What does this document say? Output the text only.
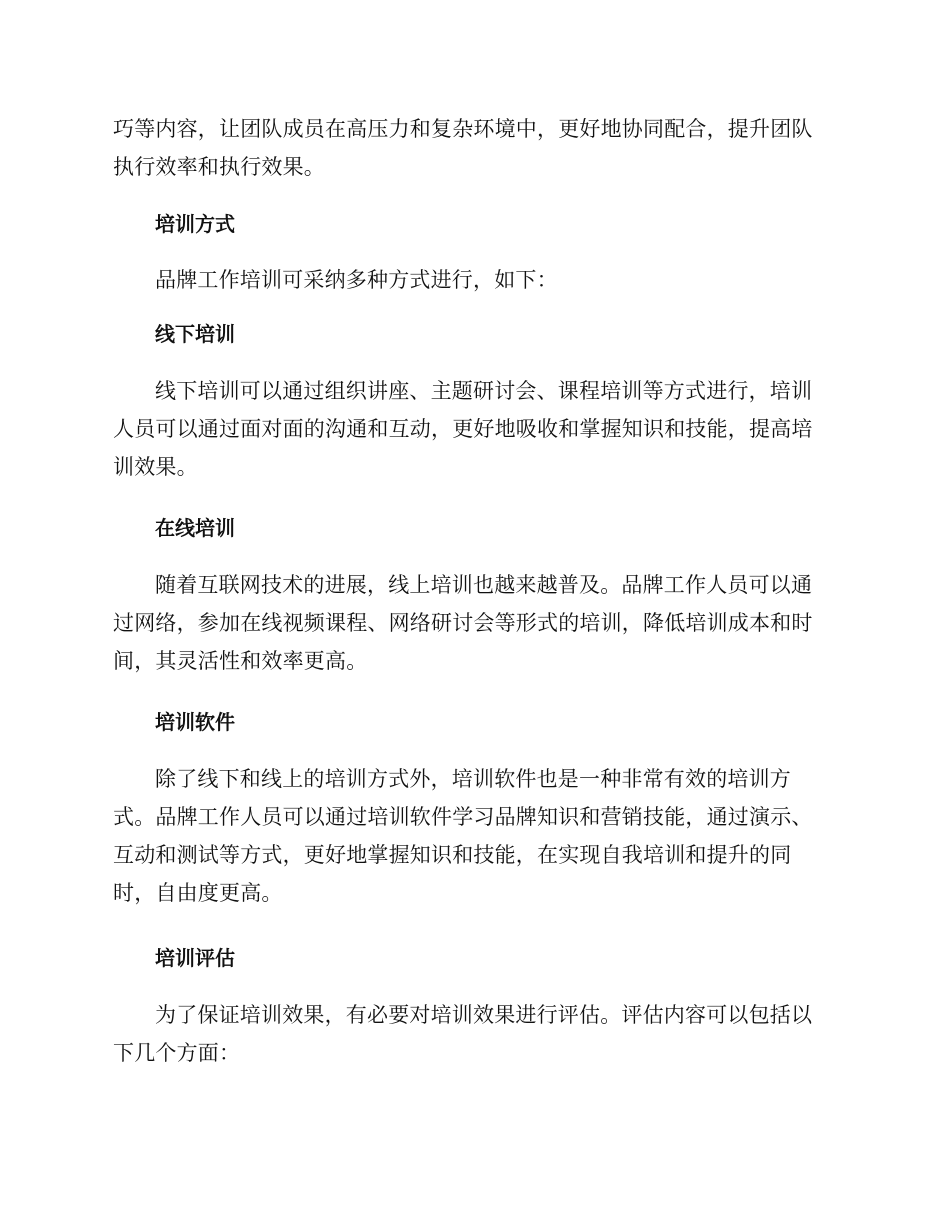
巧等内容，让团队成员在高压力和复杂环境中，更好地协同配合，提升团队执行效率和执行效果。

培训方式

品牌工作培训可采纳多种方式进行，如下：

线下培训

线下培训可以通过组织讲座、主题研讨会、课程培训等方式进行，培训人员可以通过面对面的沟通和互动，更好地吸收和掌握知识和技能，提高培训效果。

在线培训

随着互联网技术的进展，线上培训也越来越普及。品牌工作人员可以通过网络，参加在线视频课程、网络研讨会等形式的培训，降低培训成本和时间，其灵活性和效率更高。

培训软件

除了线下和线上的培训方式外，培训软件也是一种非常有效的培训方式。品牌工作人员可以通过培训软件学习品牌知识和营销技能，通过演示、互动和测试等方式，更好地掌握知识和技能，在实现自我培训和提升的同时，自由度更高。

培训评估

为了保证培训效果，有必要对培训效果进行评估。评估内容可以包括以下几个方面：
